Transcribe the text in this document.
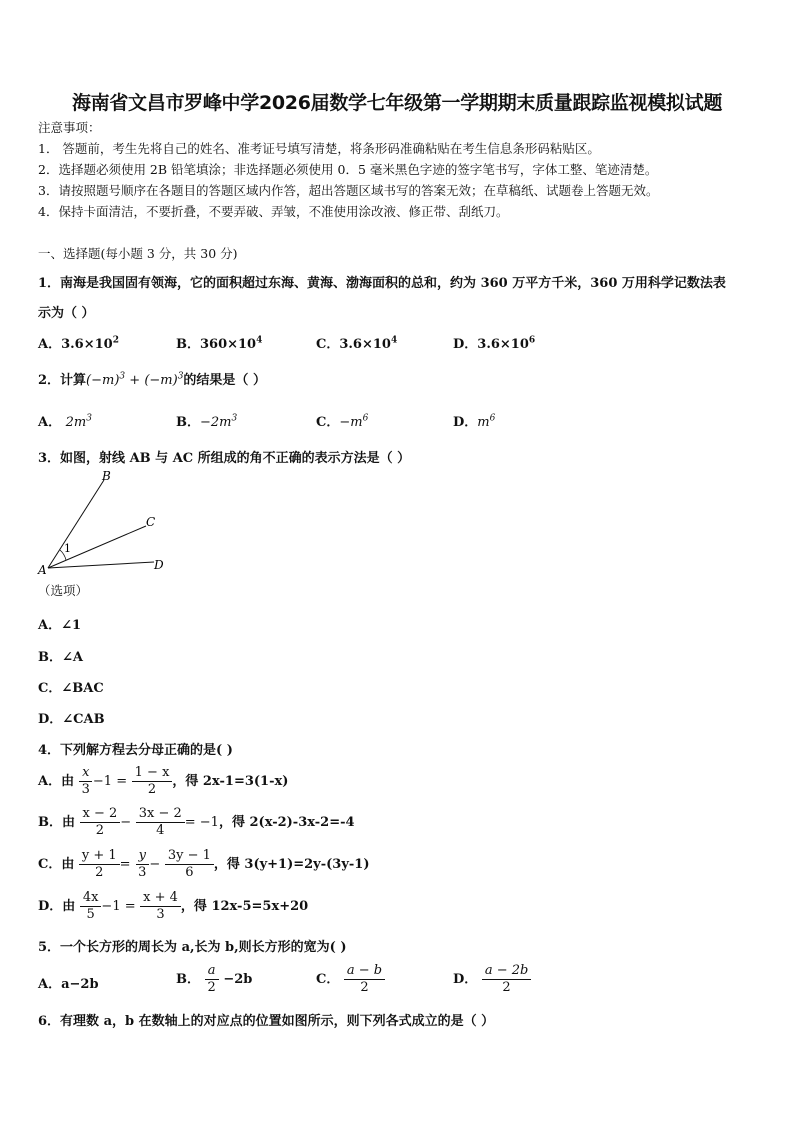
海南省文昌市罗峰中学2026届数学七年级第一学期期末质量跟踪监视模拟试题
注意事项：
1． 答题前，考生先将自己的姓名、准考证号填写清楚，将条形码准确粘贴在考生信息条形码粘贴区。
2．选择题必须使用 2B 铅笔填涂；非选择题必须使用 0．5 毫米黑色字迹的签字笔书写，字体工整、笔迹清楚。
3．请按照题号顺序在各题目的答题区域内作答，超出答题区域书写的答案无效；在草稿纸、试题卷上答题无效。
4．保持卡面清洁，不要折叠，不要弄破、弄皱，不准使用涂改液、修正带、刮纸刀。
一、选择题(每小题 3 分，共 30 分)
1．南海是我国固有领海，它的面积超过东海、黄海、渤海面积的总和，约为 360 万平方千米，360 万用科学记数法表
示为（ ）
A．$3.6\times 10^2$	B．$360\times 10^4$	C．$3.6\times 10^4$	D．$3.6\times 10^6$
2．计算$(-m)^3 + (-m)^3$的结果是（ ）
A． $2m^3$	B．$-2m^3$	C．$-m^6$	D．$m^6$
3．如图，射线 AB 与 AC 所组成的角不正确的表示方法是（ ）
B
C
A	D
1
（选项）
A．∠1
B．∠A
C．∠BAC
D．∠CAB
4．下列解方程去分母正确的是( )
A．由 $\frac{x}{3} -1 = \frac{1 - x}{2}$ ，得 2x-1=3(1-x)
B．由 $\frac{x - 2}{2} - \frac{3x - 2}{4} = -1$，得 2(x-2)-3x-2=-4
C．由 $\frac{y + 1}{2} = \frac{y}{3} - \frac{3y - 1}{6}$ ，得 3(y+1)=2y-(3y-1)
D．由 $\frac{4x}{5} -1 = \frac{x + 4}{3}$ ，得 12x-5=5x+20
5．一个长方形的周长为 a,长为 b,则长方形的宽为( )
A．a−2b	B． $\frac{a}{2} -2b$	C． $\frac{a - b}{2}$	D． $\frac{a - 2b}{2}$
6．有理数 a，b 在数轴上的对应点的位置如图所示，则下列各式成立的是（ ）
